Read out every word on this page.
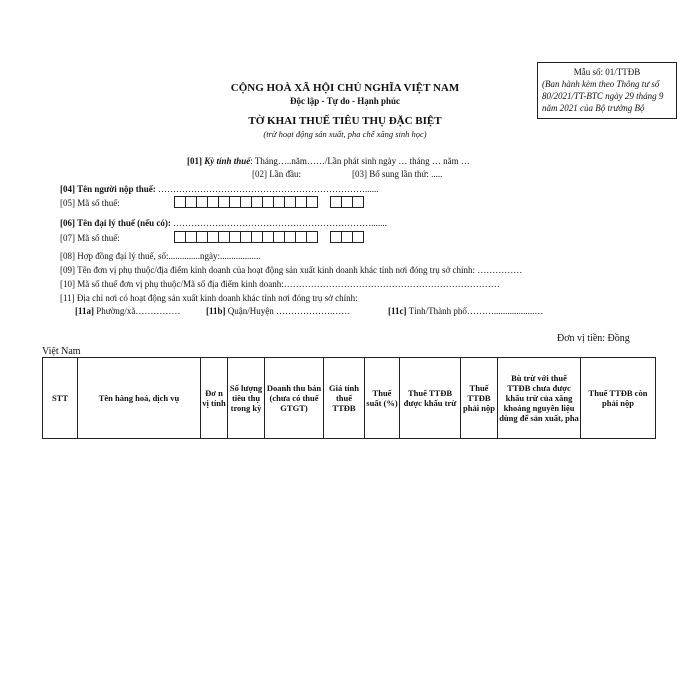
Mẫu số: 01/TTĐB
(Ban hành kèm theo Thông tư số 80/2021/TT-BTC ngày 29 tháng 9 năm 2021 của Bộ trưởng Bộ
CỘNG HOÀ XÃ HỘI CHỦ NGHĨA VIỆT NAM
Độc lập - Tự do - Hạnh phúc
TỜ KHAI THUẾ TIÊU THỤ ĐẶC BIỆT
(trừ hoạt động sản xuất, pha chế xăng sinh học)
[01] Kỳ tính thuế: Tháng…..năm……/Lần phát sinh ngày … tháng … năm …
[02] Lần đầu:	[03] Bổ sung lần thứ: .....
[04] Tên người nộp thuế: ……………………………………………………………......
[05] Mã số thuế:
[06] Tên đại lý thuế (nếu có): ………………………………………………………….......
[07] Mã số thuế:
[08] Hợp đồng đại lý thuế, số:..............ngày:..................
[09] Tên đơn vị phụ thuộc/địa điểm kinh doanh của hoạt động sản xuất kinh doanh khác tỉnh nơi đóng trụ sở chính: ……………
[10] Mã số thuế đơn vị phụ thuộc/Mã số địa điểm kinh doanh:………………………………………………………………
[11] Địa chỉ nơi có hoạt động sản xuất kinh doanh khác tỉnh nơi đóng trụ sở chính:
[11a] Phường/xã……………	[11b] Quận/Huyện ……………….……	[11c] Tỉnh/Thành phố………..................…
Đơn vị tiền: Đồng
Việt Nam
STT	Tên hàng hoá, dịch vụ	Đơ n vị tính	Số lượng tiêu thụ trong kỳ	Doanh thu bán (chưa có thuế GTGT)	Giá tính thuế TTĐB	Thuế suất (%)	Thuế TTĐB được khấu trừ	Thuế TTĐB phải nộp	Bù trừ với thuế TTĐB chưa được khấu trừ của xăng khoáng nguyên liệu dùng để sản xuất, pha	Thuế TTĐB còn phải nộp
